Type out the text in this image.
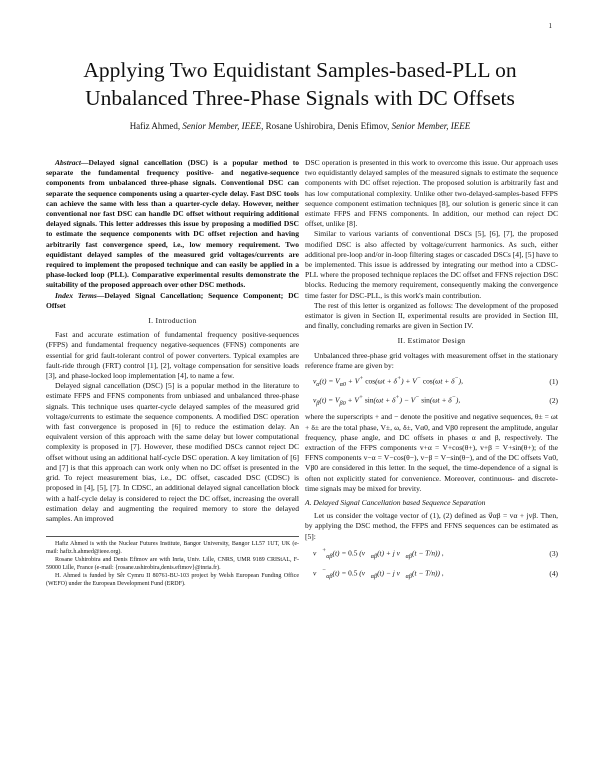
1
Applying Two Equidistant Samples-based-PLL on
Unbalanced Three-Phase Signals with DC Offsets
Hafiz Ahmed, Senior Member, IEEE, Rosane Ushirobira, Denis Efimov, Senior Member, IEEE

Abstract—Delayed signal cancellation (DSC) is a popular method to separate the fundamental frequency positive- and negative-sequence components from unbalanced three-phase signals. Conventional DSC can separate the sequence components using a quarter-cycle delay. Fast DSC tools can achieve the same with less than a quarter-cycle delay. However, neither conventional nor fast DSC can handle DC offset without requiring additional delayed signals. This letter addresses this issue by proposing a modified DSC to estimate the sequence components with DC offset rejection and having arbitrarily fast convergence speed, i.e., low memory requirement. Two equidistant delayed samples of the measured grid voltages/currents are required to implement the proposed technique and can easily be applied in a phase-locked loop (PLL). Comparative experimental results demonstrate the suitability of the proposed approach over other DSC methods.

Index Terms—Delayed Signal Cancellation; Sequence Component; DC Offset

I. Introduction

Fast and accurate estimation of fundamental frequency positive-sequences (FFPS) and fundamental frequency negative-sequences (FFNS) components are essential for grid fault-tolerant control of power converters. Typical examples are fault-ride through (FRT) control [1], [2], voltage compensation for sensitive loads [3], and phase-locked loop implementation [4], to name a few.

Delayed signal cancellation (DSC) [5] is a popular method in the literature to estimate FFPS and FFNS components from unbiased and unbalanced three-phase signals. This technique uses quarter-cycle delayed samples of the measured grid voltage/currents to estimate the sequence components. A modified DSC operation with fast convergence is proposed in [6] to reduce the estimation delay. An equivalent version of this approach with the same delay but lower computational complexity is proposed in [7]. However, these modified DSCs cannot reject DC offset without using an additional half-cycle DSC operation. A key limitation of [6] and [7] is that this approach can work only when no DC offset is presented in the grid. To reject measurement bias, i.e., DC offset, cascaded DSC (CDSC) is proposed in [4], [5], [7]. In CDSC, an additional delayed signal cancellation block with a half-cycle delay is considered to reject the DC offset, increasing the overall estimation delay and augmenting the required memory to store the delayed samples. An improved

Hafiz Ahmed is with the Nuclear Futures Institute, Bangor University, Bangor LL57 1UT, UK (e-mail: hafiz.h.ahmed@ieee.org).

Rosane Ushirobira and Denis Efimov are with Inria, Univ. Lille, CNRS, UMR 9189 CRIStAL, F-59000 Lille, France (e-mail: {rosane.ushirobira,denis.efimov}@inria.fr).

H. Ahmed is funded by Sêr Cymru II 80761-BU-103 project by Welsh European Funding Office (WEFO) under the European Development Fund (ERDF).

DSC operation is presented in this work to overcome this issue. Our approach uses two equidistantly delayed samples of the measured signals to estimate the sequence components with DC offset rejection. The proposed solution is arbitrarily fast and has low computational complexity. Unlike other two-delayed-samples-based FFPS sequence component estimation techniques [8], our solution is generic since it can estimate FFPS and FFNS components. In addition, our method can reject DC offset, unlike [8].

Similar to various variants of conventional DSCs [5], [6], [7], the proposed modified DSC is also affected by voltage/current harmonics. As such, either additional pre-loop and/or in-loop filtering stages or cascaded DSCs [4], [5] have to be implemented. This issue is addressed by integrating our method into a CDSC-PLL where the proposed technique replaces the DC offset and FFNS rejection DSC blocks. Reducing the memory requirement, consequently making the convergence time faster for DSC-PLL, is this work's main contribution.

The rest of this letter is organized as follows: The development of the proposed estimator is given in Section II, experimental results are provided in Section III, and finally, concluding remarks are given in Section IV.

II. Estimator Design

Unbalanced three-phase grid voltages with measurement offset in the stationary reference frame are given by:

$v_\alpha(t) = V_{\alpha 0} + V^+$ cos(ωt + δ+) + V− cos(ωt + δ−),	(1)
$v_\beta(t) = V_{\beta 0} + V^+$ sin(ωt + δ+) − V− sin(ωt + δ−),	(2)

where the superscripts + and − denote the positive and negative sequences, θ± = ωt + δ± are the total phase, V±, ω, δ±, Vα0, and Vβ0 represent the amplitude, angular frequency, phase angle, and DC offsets in phases α and β, respectively. The extraction of the FFPS components v+α = V+cos(θ+), v+β = V+sin(θ+); of the FFNS components v−α = V−cos(θ−), v−β = V−sin(θ−), and of the DC offsets Vα0, Vβ0 are considered in this letter. In the sequel, the time-dependence of a signal is often not explicitly stated for convenience. Moreover, continuous- and discrete-time signals may be mixed for brevity.

A. Delayed Signal Cancellation based Sequence Separation

Let us consider the voltage vector of (1), (2) defined as v⃗αβ = vα + jvβ. Then, by applying the DSC method, the FFPS and FFNS sequences can be estimated as [5]:

$v⃗^+_{\alpha\beta}(t) = 0.5$ ($v⃗_{\alpha\beta}(t) + j$ $v⃗_{\alpha\beta}(t - T/n)$) ,	(3)
$v⃗^-_{\alpha\beta}(t) = 0.5$ ($v⃗_{\alpha\beta}(t) - j$ $v⃗_{\alpha\beta}(t - T/n)$) ,	(4)
